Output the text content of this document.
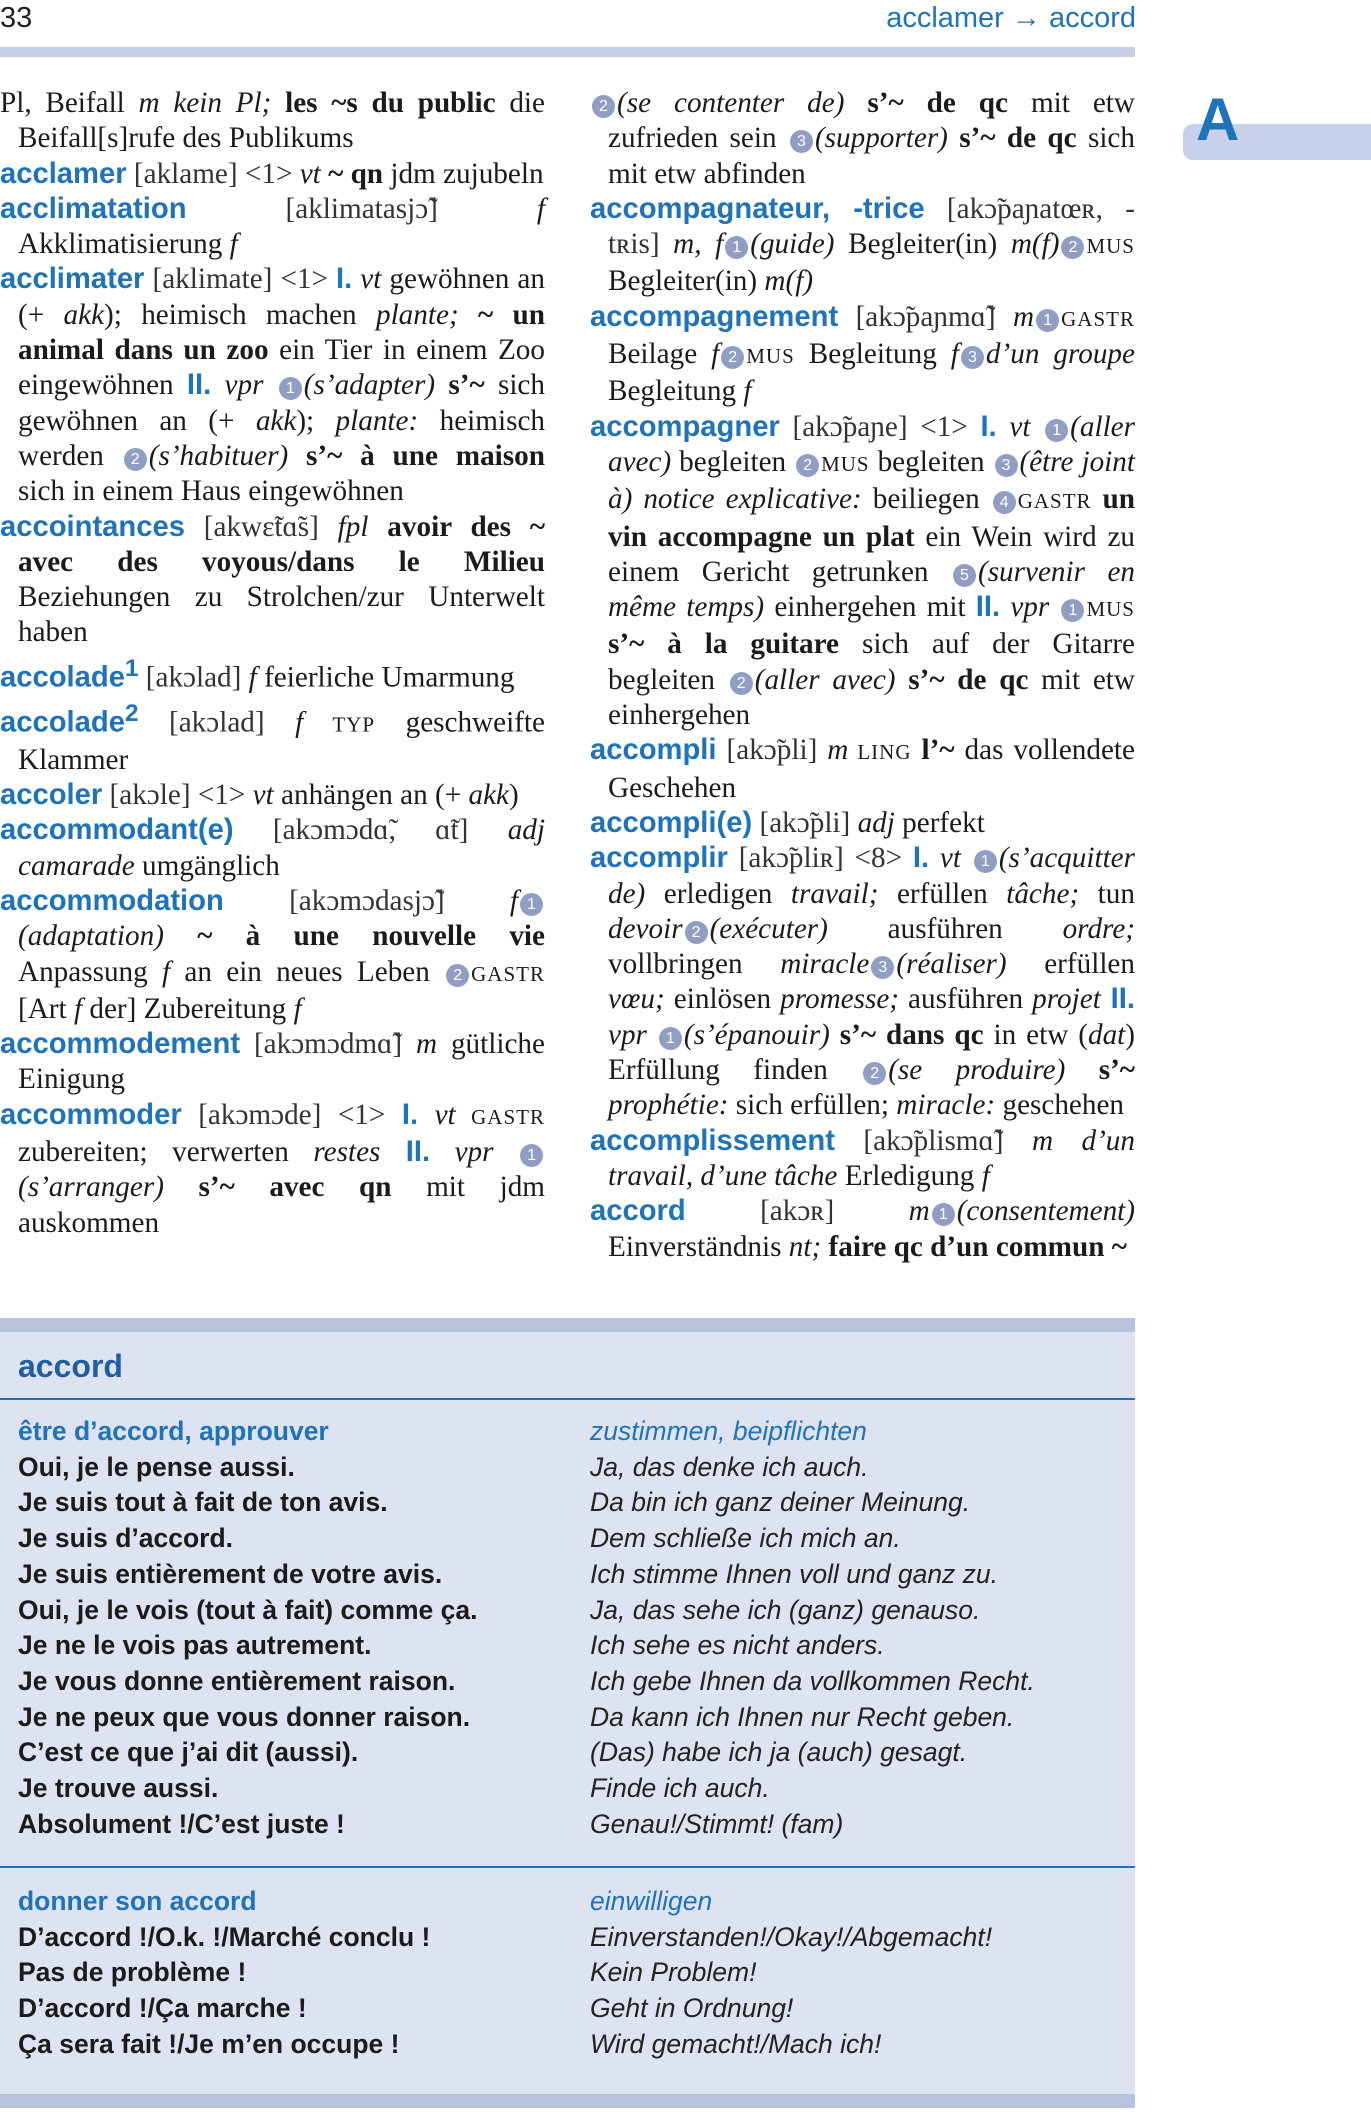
33	acclamer → accord
A

Pl, Beifall m kein Pl; les ~s du public die Beifall[s]rufe des Publikums

acclamer [aklame] <1> vt ~ qn jdm zujubeln

acclimatation [aklimatasjɔ̃] f Akklimatisierung f

acclimater [aklimate] <1> I. vt gewöhnen an (+ akk); heimisch machen plante; ~ un animal dans un zoo ein Tier in einem Zoo eingewöhnen II. vpr 1 (s’adapter) s’~ sich gewöhnen an (+ akk); plante: heimisch werden 2 (s’habituer) s’~ à une maison sich in einem Haus eingewöhnen

accointances [akwɛ̃tɑ̃s] fpl avoir des ~ avec des voyous/dans le Milieu Beziehungen zu Strolchen/zur Unterwelt haben

accolade$^1$ [akɔlad] f feierliche Umarmung

accolade$^2$ [akɔlad] f TYP geschweifte Klammer

accoler [akɔle] <1> vt anhängen an (+ akk)

accommodant(e) [akɔmɔdɑ̃, ɑ̃t] adj camarade umgänglich

accommodation [akɔmɔdasjɔ̃] f 1(adaptation) ~ à une nouvelle vie Anpassung f an ein neues Leben 2 GASTR [Art f der] Zubereitung f

accommodement [akɔmɔdmɑ̃] m gütliche Einigung

accommoder [akɔmɔde] <1> I. vt GASTR zubereiten; verwerten restes II. vpr 1(s’arranger) s’~ avec qn mit jdm auskommen

2 (se contenter de) s’~ de qc mit etw zufrieden sein 3 (supporter) s’~ de qc sich mit etw abfinden

accompagnateur, -trice [akɔ̃paɲatœʀ, -tʀis] m, f 1 (guide) Begleiter(in) m(f) 2 MUS Begleiter(in) m(f)

accompagnement [akɔ̃paɲmɑ̃] m 1 GASTR Beilage f 2 MUS Begleitung f 3 d’un groupe Begleitung f

accompagner [akɔ̃paɲe] <1> I. vt 1 (aller avec) begleiten 2 MUS begleiten 3 (être joint à) notice explicative: beiliegen 4 GASTR un vin accompagne un plat ein Wein wird zu einem Gericht getrunken 5 (survenir en même temps) einhergehen mit II. vpr 1 MUS s’~ à la guitare sich auf der Gitarre begleiten 2 (aller avec) s’~ de qc mit etw einhergehen

accompli [akɔ̃pli] m LING l’~ das vollendete Geschehen

accompli(e) [akɔ̃pli] adj perfekt

accomplir [akɔ̃pliʀ] <8> I. vt 1 (s’acquitter de) erledigen travail; erfüllen tâche; tun devoir 2 (exécuter) ausführen ordre; vollbringen miracle 3 (réaliser) erfüllen vœu; einlösen promesse; ausführen projet II. vpr 1 (s’épanouir) s’~ dans qc in etw (dat) Erfüllung finden 2 (se produire) s’~ prophétie: sich erfüllen; miracle: geschehen

accomplissement [akɔ̃plismɑ̃] m d’un travail, d’une tâche Erledigung f

accord [akɔʀ] m 1 (consentement) Einverständnis nt; faire qc d’un commun ~

accord
être d’accord, approuver	zustimmen, beipflichten
Oui, je le pense aussi.	Ja, das denke ich auch.
Je suis tout à fait de ton avis.	Da bin ich ganz deiner Meinung.
Je suis d’accord.	Dem schließe ich mich an.
Je suis entièrement de votre avis.	Ich stimme Ihnen voll und ganz zu.
Oui, je le vois (tout à fait) comme ça.	Ja, das sehe ich (ganz) genauso.
Je ne le vois pas autrement.	Ich sehe es nicht anders.
Je vous donne entièrement raison.	Ich gebe Ihnen da vollkommen Recht.
Je ne peux que vous donner raison.	Da kann ich Ihnen nur Recht geben.
C’est ce que j’ai dit (aussi).	(Das) habe ich ja (auch) gesagt.
Je trouve aussi.	Finde ich auch.
Absolument !/C’est juste !	Genau!/Stimmt! (fam)
donner son accord	einwilligen
D’accord !/O.k. !/Marché conclu !	Einverstanden!/Okay!/Abgemacht!
Pas de problème !	Kein Problem!
D’accord !/Ça marche !	Geht in Ordnung!
Ça sera fait !/Je m’en occupe !	Wird gemacht!/Mach ich!
